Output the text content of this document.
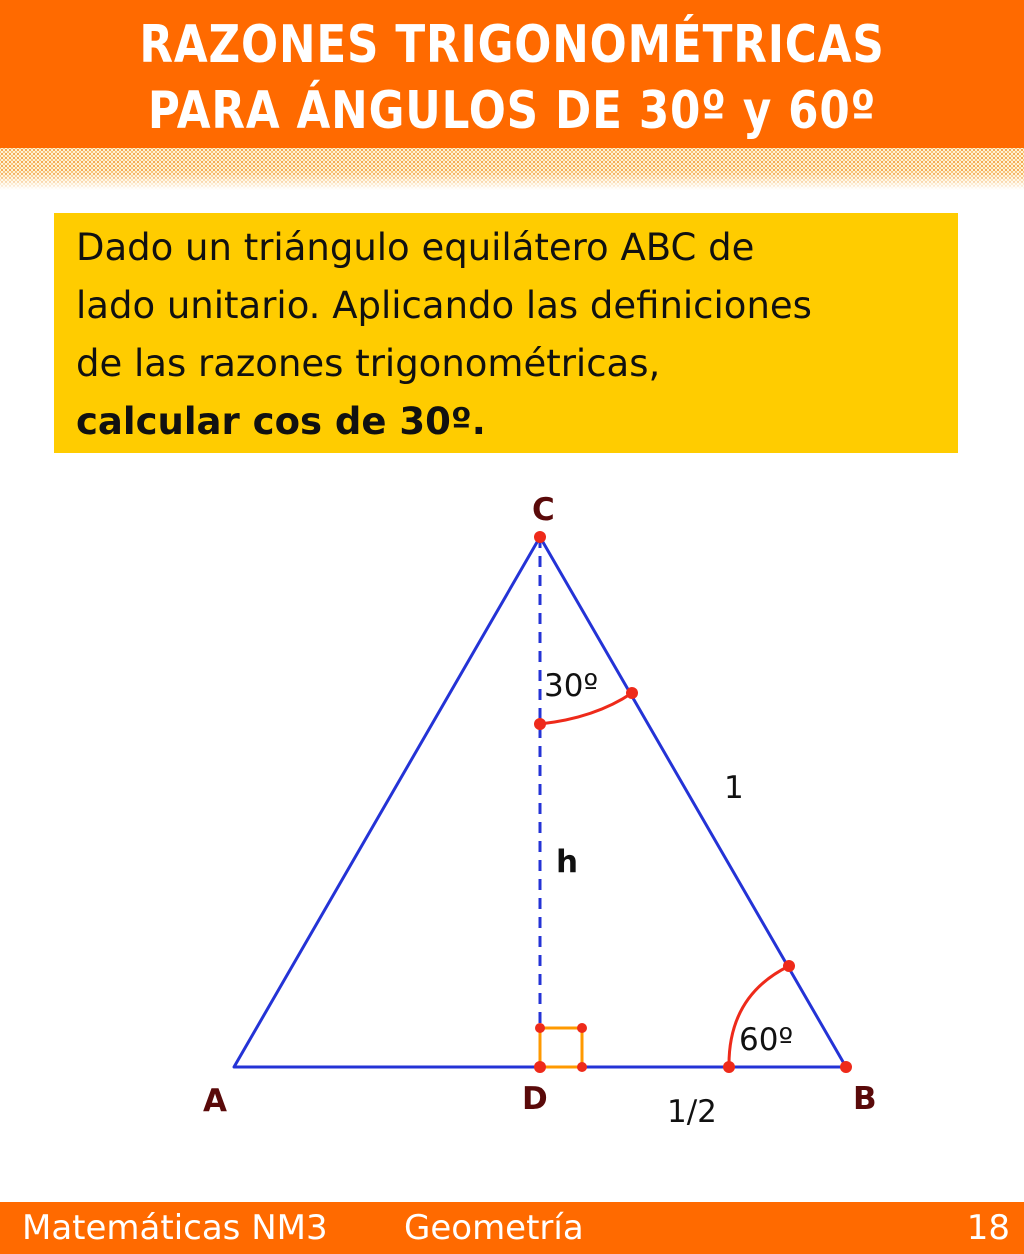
RAZONES TRIGONOMÉTRICAS
PARA ÁNGULOS DE 30º y 60º
Dado un triángulo equilátero ABC de
lado unitario. Aplicando las definiciones
de las razones trigonométricas,
calcular cos de 30º.
C
A	D	B
30º
60º
1
1/2
h
Matemáticas NM3 Geometría	18
